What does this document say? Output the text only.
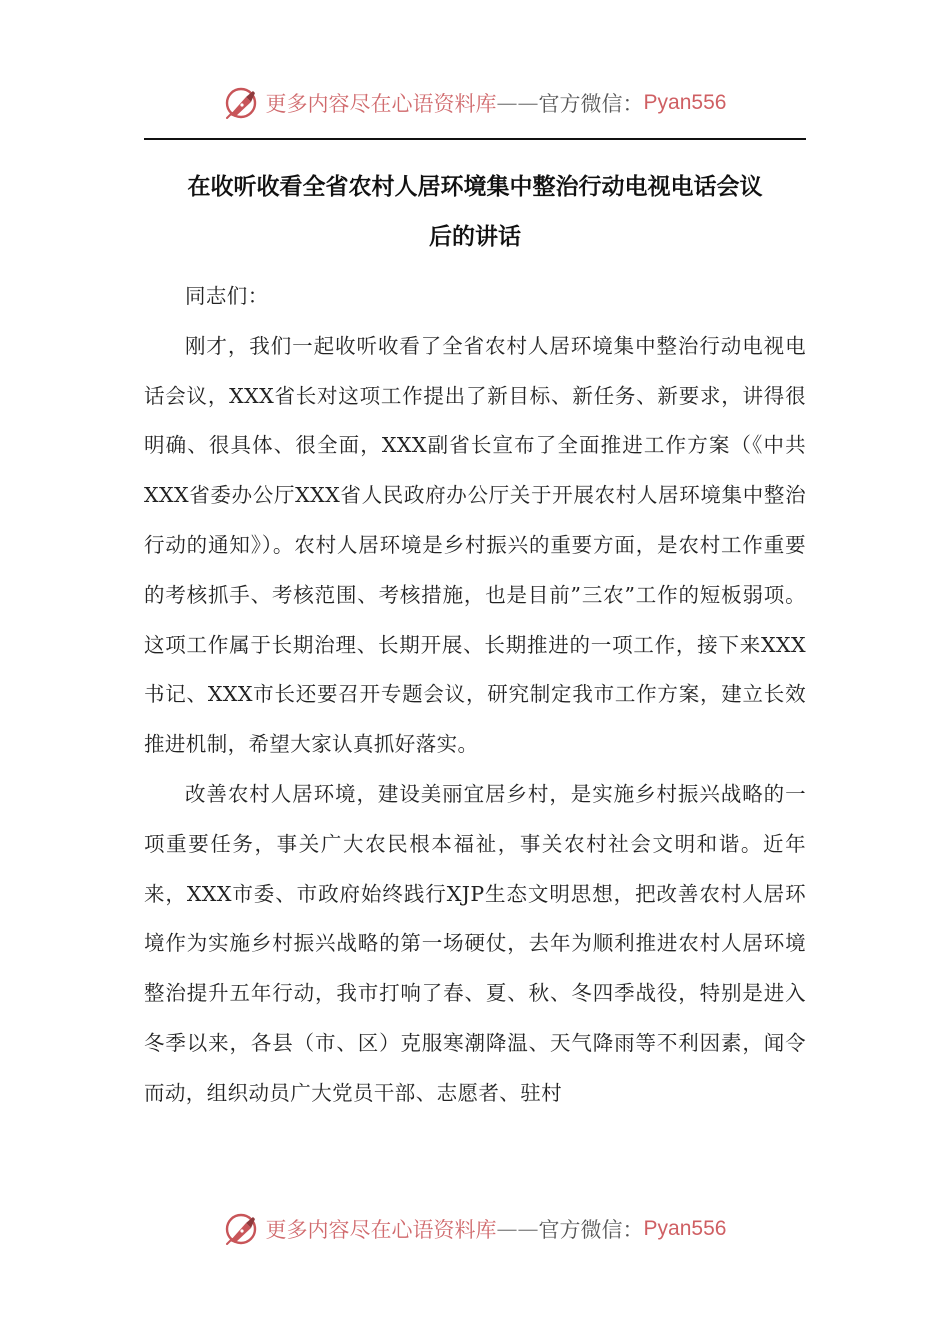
更多内容尽在心语资料库 —— 官方微信： Pyan556
在收听收看全省农村人居环境集中整治行动电视电话会议
后的讲话

同志们：

刚才，我们一起收听收看了全省农村人居环境集中整治行动电视电话会议，XXX省长对这项工作提出了新目标、新任务、新要求，讲得很明确、很具体、很全面，XXX副省长宣布了全面推进工作方案（《中共XXX省委办公厅XXX省人民政府办公厅关于开展农村人居环境集中整治行动的通知》）。农村人居环境是乡村振兴的重要方面，是农村工作重要的考核抓手、考核范围、考核措施，也是目前”三农”工作的短板弱项。这项工作属于长期治理、长期开展、长期推进的一项工作，接下来XXX书记、XXX市长还要召开专题会议，研究制定我市工作方案，建立长效推进机制，希望大家认真抓好落实。

改善农村人居环境，建设美丽宜居乡村，是实施乡村振兴战略的一项重要任务，事关广大农民根本福祉，事关农村社会文明和谐。近年来，XXX市委、市政府始终践行XJP生态文明思想，把改善农村人居环境作为实施乡村振兴战略的第一场硬仗，去年为顺利推进农村人居环境整治提升五年行动，我市打响了春、夏、秋、冬四季战役，特别是进入冬季以来，各县（市、区）克服寒潮降温、天气降雨等不利因素，闻令而动，组织动员广大党员干部、志愿者、驻村

更多内容尽在心语资料库 —— 官方微信： Pyan556
